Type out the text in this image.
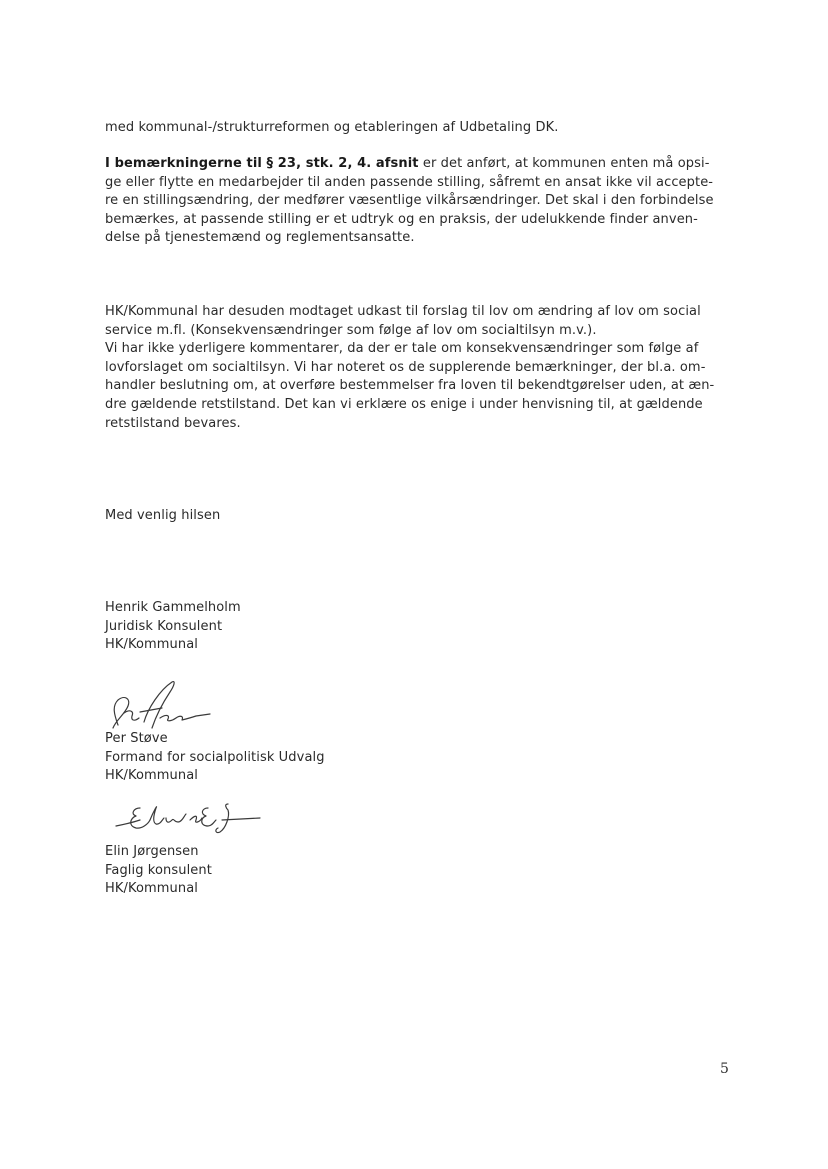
med kommunal-/strukturreformen og etableringen af Udbetaling DK.
I bemærkningerne til § 23, stk. 2, 4. afsnit er det anført, at kommunen enten må opsi-
ge eller flytte en medarbejder til anden passende stilling, såfremt en ansat ikke vil accepte-
re en stillingsændring, der medfører væsentlige vilkårsændringer. Det skal i den forbindelse
bemærkes, at passende stilling er et udtryk og en praksis, der udelukkende finder anven-
delse på tjenestemænd og reglementsansatte.
HK/Kommunal har desuden modtaget udkast til forslag til lov om ændring af lov om social
service m.fl. (Konsekvensændringer som følge af lov om socialtilsyn m.v.).
Vi har ikke yderligere kommentarer, da der er tale om konsekvensændringer som følge af
lovforslaget om socialtilsyn. Vi har noteret os de supplerende bemærkninger, der bl.a. om-
handler beslutning om, at overføre bestemmelser fra loven til bekendtgørelser uden, at æn-
dre gældende retstilstand. Det kan vi erklære os enige i under henvisning til, at gældende
retstilstand bevares.
Med venlig hilsen
Henrik Gammelholm
Juridisk Konsulent
HK/Kommunal
Per Støve
Formand for socialpolitisk Udvalg
HK/Kommunal
Elin Jørgensen
Faglig konsulent
HK/Kommunal
5
